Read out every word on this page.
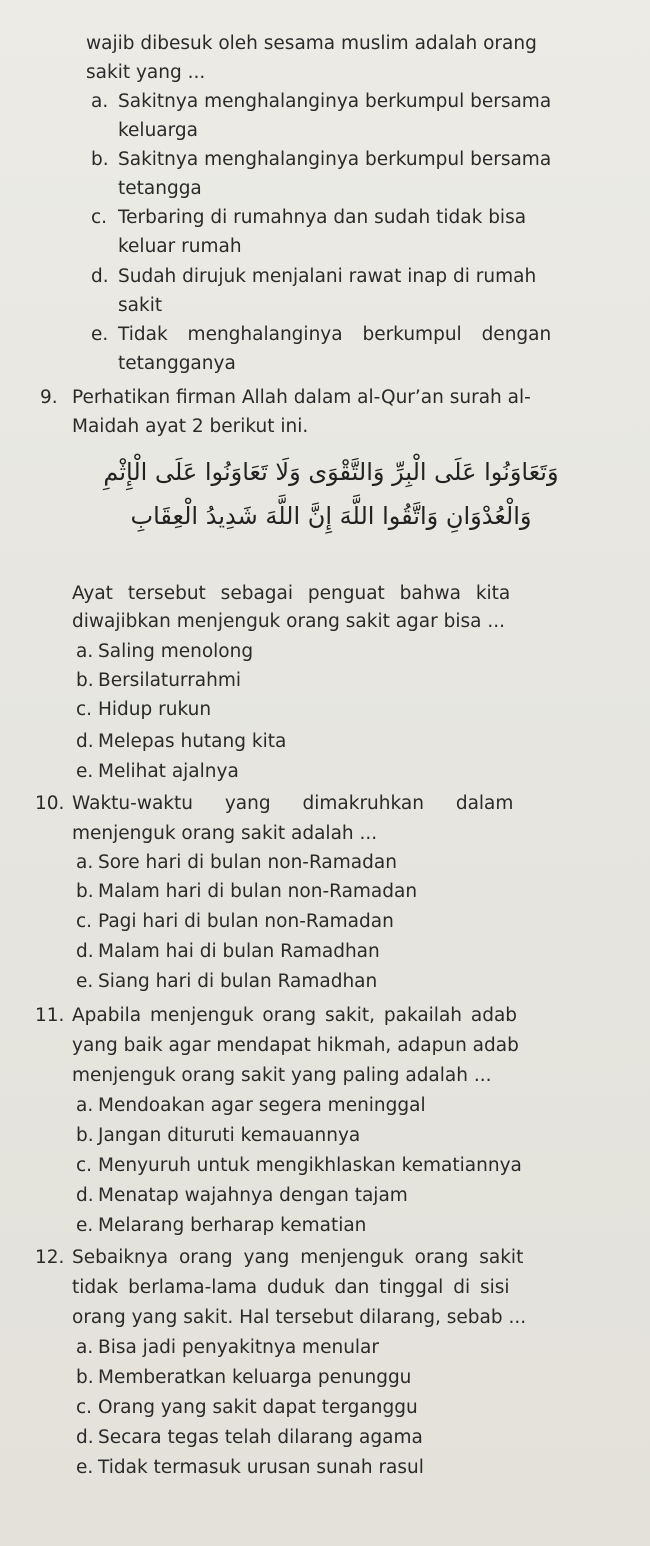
wajib dibesuk oleh sesama muslim adalah orang
sakit yang ...
a. Sakitnya menghalanginya berkumpul bersama
keluarga
b. Sakitnya menghalanginya berkumpul bersama
tetangga
c. Terbaring di rumahnya dan sudah tidak bisa
keluar rumah
d. Sudah dirujuk menjalani rawat inap di rumah
sakit
e. Tidak menghalanginya berkumpul dengan
tetangganya
9. Perhatikan firman Allah dalam al-Qur’an surah al-
Maidah ayat 2 berikut ini.
وَتَعَاوَنُوا عَلَى الْبِرِّ وَالتَّقْوَى وَلَا تَعَاوَنُوا عَلَى الْإِثْمِ
وَالْعُدْوَانِ وَاتَّقُوا اللَّهَ إِنَّ اللَّهَ شَدِيدُ الْعِقَابِ
Ayat tersebut sebagai penguat bahwa kita
diwajibkan menjenguk orang sakit agar bisa ...
a. Saling menolong
b. Bersilaturrahmi
c. Hidup rukun
d. Melepas hutang kita
e. Melihat ajalnya
10. Waktu-waktu yang dimakruhkan dalam
menjenguk orang sakit adalah ...
a. Sore hari di bulan non-Ramadan
b. Malam hari di bulan non-Ramadan
c. Pagi hari di bulan non-Ramadan
d. Malam hai di bulan Ramadhan
e. Siang hari di bulan Ramadhan
11. Apabila menjenguk orang sakit, pakailah adab
yang baik agar mendapat hikmah, adapun adab
menjenguk orang sakit yang paling adalah ...
a. Mendoakan agar segera meninggal
b. Jangan dituruti kemauannya
c. Menyuruh untuk mengikhlaskan kematiannya
d. Menatap wajahnya dengan tajam
e. Melarang berharap kematian
12. Sebaiknya orang yang menjenguk orang sakit
tidak berlama-lama duduk dan tinggal di sisi
orang yang sakit. Hal tersebut dilarang, sebab ...
a. Bisa jadi penyakitnya menular
b. Memberatkan keluarga penunggu
c. Orang yang sakit dapat terganggu
d. Secara tegas telah dilarang agama
e. Tidak termasuk urusan sunah rasul
